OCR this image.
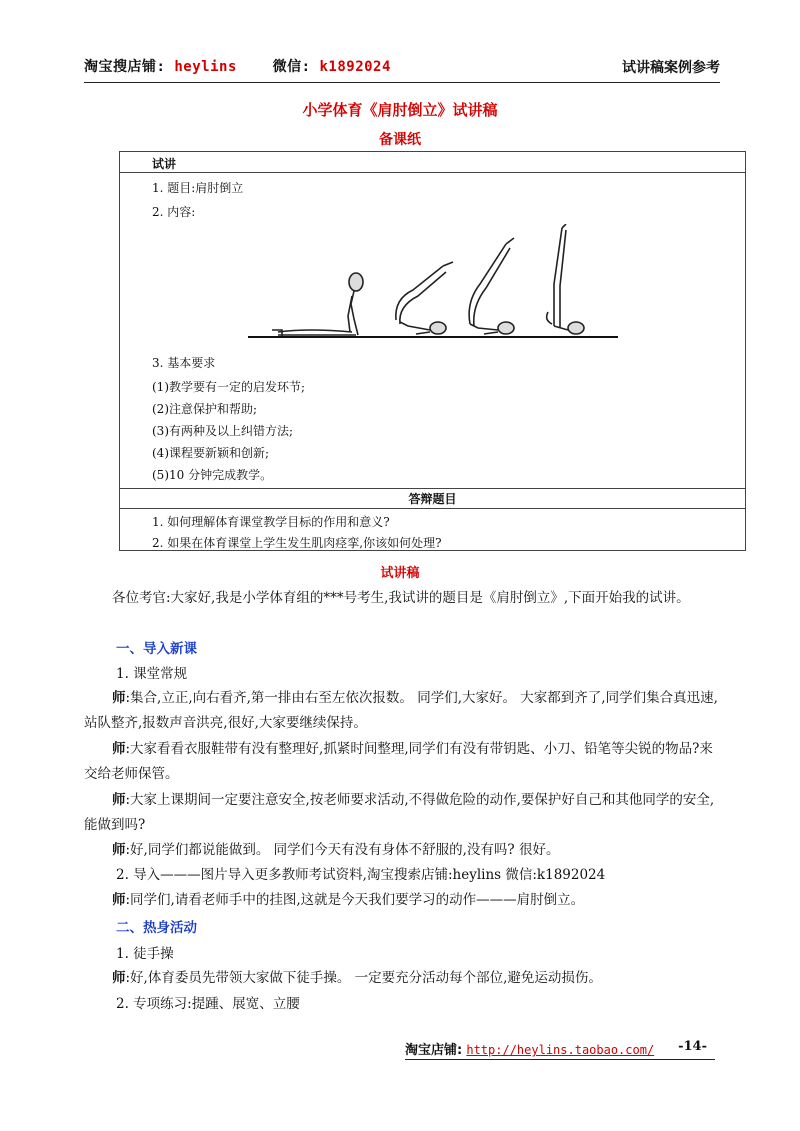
淘宝搜店铺: heylins	微信: k1892024	试讲稿案例参考
小学体育《肩肘倒立》试讲稿
备课纸
试讲
1. 题目:肩肘倒立
2. 内容:
3. 基本要求
(1)教学要有一定的启发环节;
(2)注意保护和帮助;
(3)有两种及以上纠错方法;
(4)课程要新颖和创新;
(5)10 分钟完成教学。
答辩题目
1. 如何理解体育课堂教学目标的作用和意义?
2. 如果在体育课堂上学生发生肌肉痉挛,你该如何处理?
试讲稿
各位考官:大家好,我是小学体育组的***号考生,我试讲的题目是《肩肘倒立》,下面开始我的试讲。
一、导入新课
1. 课堂常规
师:集合,立正,向右看齐,第一排由右至左依次报数。 同学们,大家好。 大家都到齐了,同学们集合真迅速,站队整齐,报数声音洪亮,很好,大家要继续保持。
师:大家看看衣服鞋带有没有整理好,抓紧时间整理,同学们有没有带钥匙、小刀、铅笔等尖锐的物品?来交给老师保管。
师:大家上课期间一定要注意安全,按老师要求活动,不得做危险的动作,要保护好自己和其他同学的安全,能做到吗?
师:好,同学们都说能做到。 同学们今天有没有身体不舒服的,没有吗? 很好。
2. 导入———图片导入更多教师考试资料,淘宝搜索店铺:heylins 微信:k1892024
师:同学们,请看老师手中的挂图,这就是今天我们要学习的动作———肩肘倒立。
二、热身活动
1. 徒手操
师:好,体育委员先带领大家做下徒手操。 一定要充分活动每个部位,避免运动损伤。
2. 专项练习:提踵、展宽、立腰
淘宝店铺: http://heylins.taobao.com/ -14-
